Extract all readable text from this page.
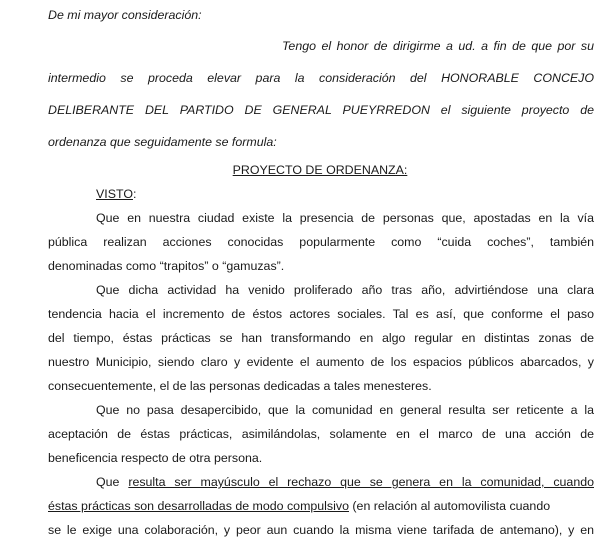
De mi mayor consideración:
Tengo el honor de dirigirme a ud. a fin de que por su
intermedio se proceda elevar para la consideración del HONORABLE CONCEJO
DELIBERANTE DEL PARTIDO DE GENERAL PUEYRREDON el siguiente proyecto de
ordenanza que seguidamente se formula:
PROYECTO DE ORDENANZA:
VISTO:
Que en nuestra ciudad existe la presencia de personas que, apostadas en la vía
pública realizan acciones conocidas popularmente como “cuida coches”, también
denominadas como “trapitos” o “gamuzas”.
Que dicha actividad ha venido proliferado año tras año, advirtiéndose una clara
tendencia hacia el incremento de éstos actores sociales. Tal es así, que conforme el paso
del tiempo, éstas prácticas se han transformando en algo regular en distintas zonas de
nuestro Municipio, siendo claro y evidente el aumento de los espacios públicos abarcados, y
consecuentemente, el de las personas dedicadas a tales menesteres.
Que no pasa desapercibido, que la comunidad en general resulta ser reticente a la
aceptación de éstas prácticas, asimilándolas, solamente en el marco de una acción de
beneficencia respecto de otra persona.
Que resulta ser mayúsculo el rechazo que se genera en la comunidad, cuando
éstas prácticas son desarrolladas de modo compulsivo (en relación al automovilista cuando
se le exige una colaboración, y peor aun cuando la misma viene tarifada de antemano), y en
